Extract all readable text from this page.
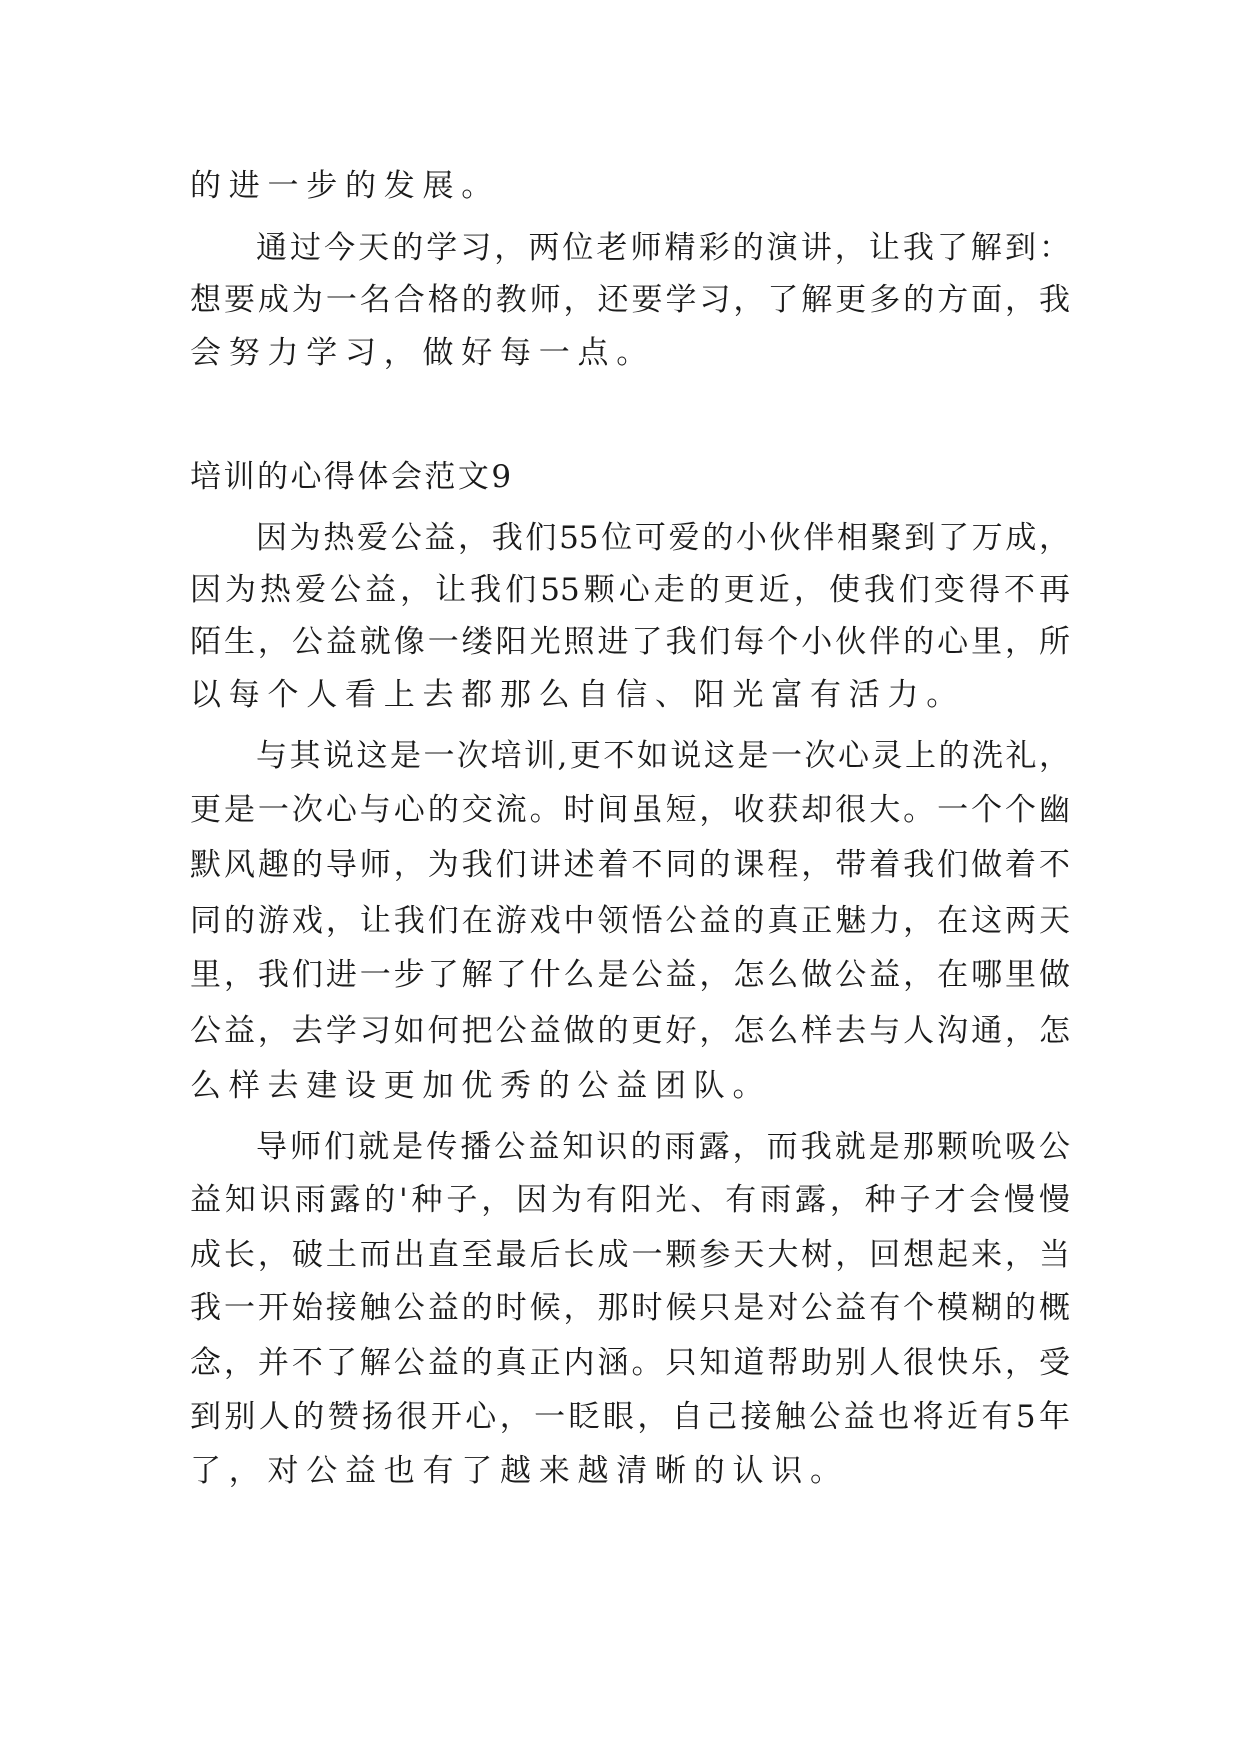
的进一步的发展。
通过今天的学习，两位老师精彩的演讲，让我了解到：
想要成为一名合格的教师，还要学习，了解更多的方面，我
会努力学习，做好每一点。
培训的心得体会范文9
因为热爱公益，我们55位可爱的小伙伴相聚到了万成，
因为热爱公益，让我们55颗心走的更近，使我们变得不再
陌生，公益就像一缕阳光照进了我们每个小伙伴的心里，所
以每个人看上去都那么自信、阳光富有活力。
与其说这是一次培训,更不如说这是一次心灵上的洗礼，
更是一次心与心的交流。时间虽短，收获却很大。一个个幽
默风趣的导师，为我们讲述着不同的课程，带着我们做着不
同的游戏，让我们在游戏中领悟公益的真正魅力，在这两天
里，我们进一步了解了什么是公益，怎么做公益，在哪里做
公益，去学习如何把公益做的更好，怎么样去与人沟通，怎
么样去建设更加优秀的公益团队。
导师们就是传播公益知识的雨露，而我就是那颗吮吸公
益知识雨露的'种子，因为有阳光、有雨露，种子才会慢慢
成长，破土而出直至最后长成一颗参天大树，回想起来，当
我一开始接触公益的时候，那时候只是对公益有个模糊的概
念，并不了解公益的真正内涵。只知道帮助别人很快乐，受
到别人的赞扬很开心，一眨眼，自己接触公益也将近有5年
了，对公益也有了越来越清晰的认识。
